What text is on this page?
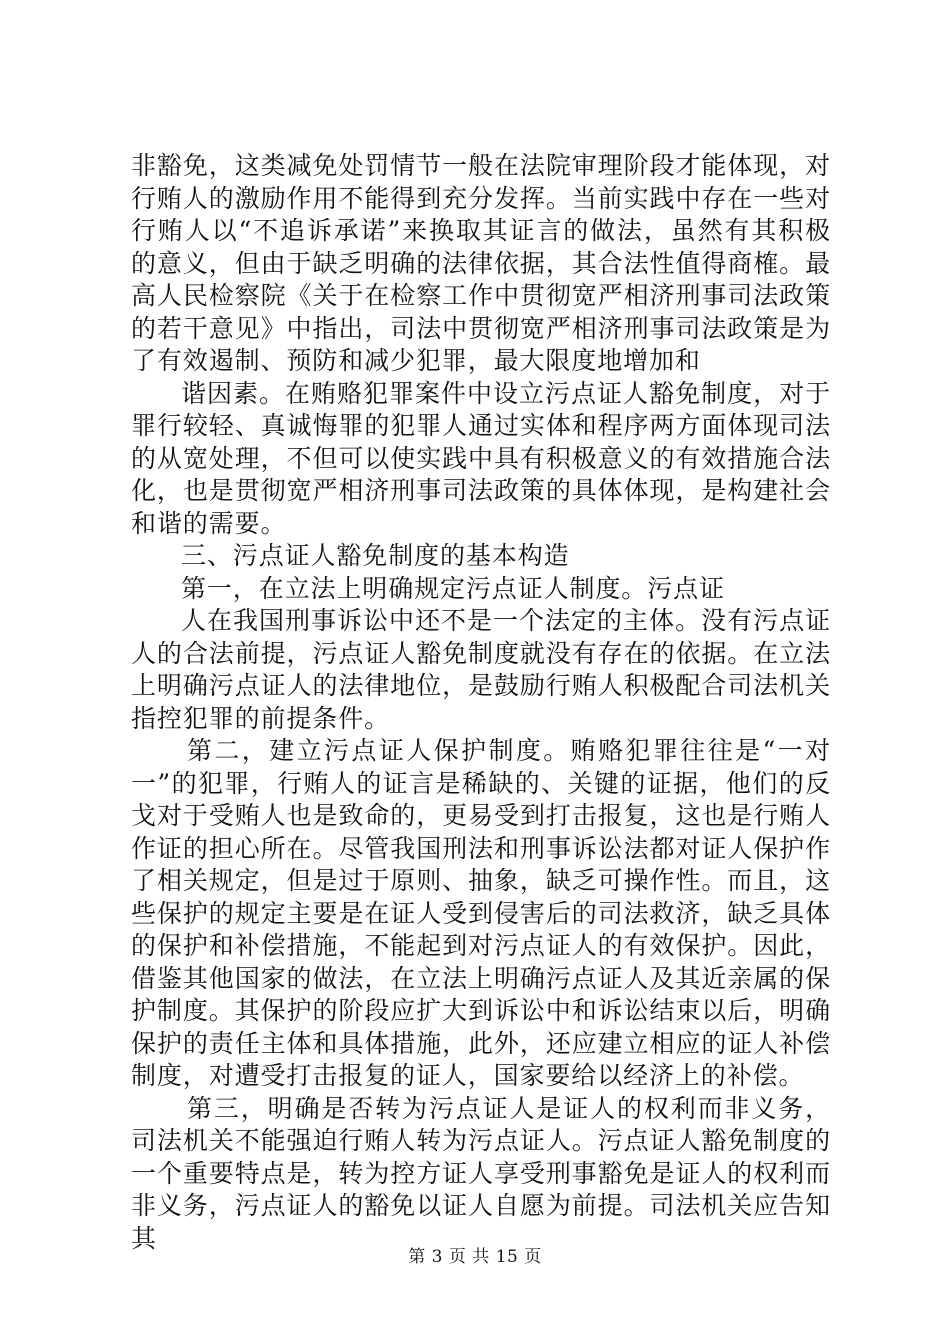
非豁免，这类减免处罚情节一般在法院审理阶段才能体现，对行贿人的激励作用不能得到充分发挥。当前实践中存在一些对行贿人以“不追诉承诺”来换取其证言的做法，虽然有其积极的意义，但由于缺乏明确的法律依据，其合法性值得商榷。最高人民检察院《关于在检察工作中贯彻宽严相济刑事司法政策的若干意见》中指出，司法中贯彻宽严相济刑事司法政策是为了有效遏制、预防和减少犯罪，最大限度地增加和

谐因素。在贿赂犯罪案件中设立污点证人豁免制度，对于罪行较轻、真诚悔罪的犯罪人通过实体和程序两方面体现司法的从宽处理，不但可以使实践中具有积极意义的有效措施合法化，也是贯彻宽严相济刑事司法政策的具体体现，是构建社会和谐的需要。

三、污点证人豁免制度的基本构造

第一，在立法上明确规定污点证人制度。污点证

人在我国刑事诉讼中还不是一个法定的主体。没有污点证人的合法前提，污点证人豁免制度就没有存在的依据。在立法上明确污点证人的法律地位，是鼓励行贿人积极配合司法机关指控犯罪的前提条件。

第二，建立污点证人保护制度。贿赂犯罪往往是“一对一”的犯罪，行贿人的证言是稀缺的、关键的证据，他们的反戈对于受贿人也是致命的，更易受到打击报复，这也是行贿人作证的担心所在。尽管我国刑法和刑事诉讼法都对证人保护作了相关规定，但是过于原则、抽象，缺乏可操作性。而且，这些保护的规定主要是在证人受到侵害后的司法救济，缺乏具体的保护和补偿措施，不能起到对污点证人的有效保护。因此，借鉴其他国家的做法，在立法上明确污点证人及其近亲属的保护制度。其保护的阶段应扩大到诉讼中和诉讼结束以后，明确保护的责任主体和具体措施，此外，还应建立相应的证人补偿制度，对遭受打击报复的证人，国家要给以经济上的补偿。

第三，明确是否转为污点证人是证人的权利而非义务，司法机关不能强迫行贿人转为污点证人。污点证人豁免制度的一个重要特点是，转为控方证人享受刑事豁免是证人的权利而非义务，污点证人的豁免以证人自愿为前提。司法机关应告知其

第 3 页 共 15 页
